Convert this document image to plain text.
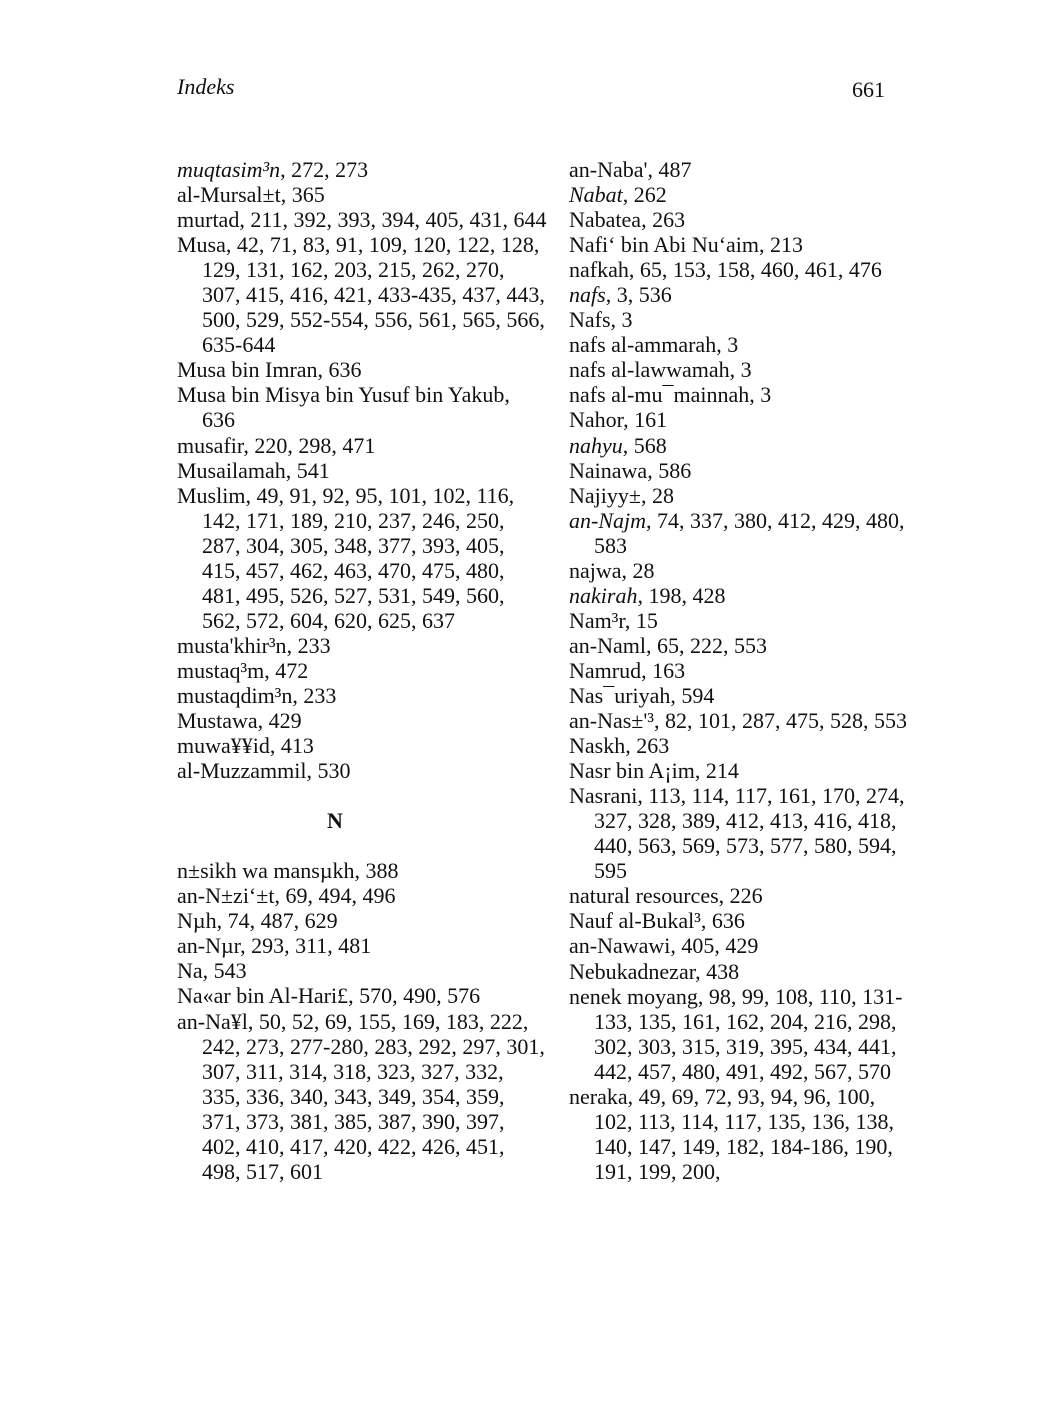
Indeks	661
muqtasim³n, 272, 273
al-Mursal±t, 365
murtad, 211, 392, 393, 394, 405, 431, 644
Musa, 42, 71, 83, 91, 109, 120, 122, 128, 129, 131, 162, 203, 215, 262, 270, 307, 415, 416, 421, 433-435, 437, 443, 500, 529, 552-554, 556, 561, 565, 566, 635-644
Musa bin Imran, 636
Musa bin Misya bin Yusuf bin Yakub, 636
musafir, 220, 298, 471
Musailamah, 541
Muslim, 49, 91, 92, 95, 101, 102, 116, 142, 171, 189, 210, 237, 246, 250, 287, 304, 305, 348, 377, 393, 405, 415, 457, 462, 463, 470, 475, 480, 481, 495, 526, 527, 531, 549, 560, 562, 572, 604, 620, 625, 637
musta'khir³n, 233
mustaq³m, 472
mustaqdim³n, 233
Mustawa, 429
muwa¥¥id, 413
al-Muzzammil, 530
N
n±sikh wa mansµkh, 388
an-N±zi‘±t, 69, 494, 496
Nµh, 74, 487, 629
an-Nµr, 293, 311, 481
Na, 543
Na«ar bin Al-Hari£, 570, 490, 576
an-Na¥l, 50, 52, 69, 155, 169, 183, 222, 242, 273, 277-280, 283, 292, 297, 301, 307, 311, 314, 318, 323, 327, 332, 335, 336, 340, 343, 349, 354, 359, 371, 373, 381, 385, 387, 390, 397, 402, 410, 417, 420, 422, 426, 451, 498, 517, 601
an-Naba', 487
Nabat, 262
Nabatea, 263
Nafi‘ bin Abi Nu‘aim, 213
nafkah, 65, 153, 158, 460, 461, 476
nafs, 3, 536
Nafs, 3
nafs al-ammarah, 3
nafs al-lawwamah, 3
nafs al-mu¯mainnah, 3
Nahor, 161
nahyu, 568
Nainawa, 586
Najiyy±, 28
an-Najm, 74, 337, 380, 412, 429, 480, 583
najwa, 28
nakirah, 198, 428
Nam³r, 15
an-Naml, 65, 222, 553
Namrud, 163
Nas¯uriyah, 594
an-Nas±'³, 82, 101, 287, 475, 528, 553
Naskh, 263
Nasr bin A¡im, 214
Nasrani, 113, 114, 117, 161, 170, 274, 327, 328, 389, 412, 413, 416, 418, 440, 563, 569, 573, 577, 580, 594, 595
natural resources, 226
Nauf al-Bukal³, 636
an-Nawawi, 405, 429
Nebukadnezar, 438
nenek moyang, 98, 99, 108, 110, 131-133, 135, 161, 162, 204, 216, 298, 302, 303, 315, 319, 395, 434, 441, 442, 457, 480, 491, 492, 567, 570
neraka, 49, 69, 72, 93, 94, 96, 100, 102, 113, 114, 117, 135, 136, 138, 140, 147, 149, 182, 184-186, 190, 191, 199, 200,
